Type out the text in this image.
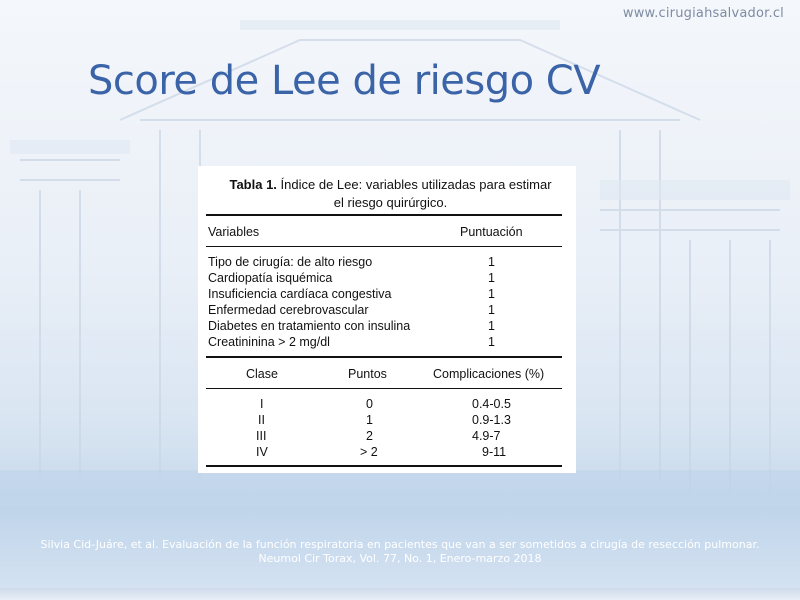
www.cirugiahsalvador.cl
Score de Lee de riesgo CV
Tabla 1. Índice de Lee: variables utilizadas para estimar
el riesgo quirúrgico.
Variables	Puntuación
Tipo de cirugía: de alto riesgo	1
Cardiopatía isquémica	1
Insuficiencia cardíaca congestiva	1
Enfermedad cerebrovascular	1
Diabetes en tratamiento con insulina	1
Creatininina > 2 mg/dl	1
Clase	Puntos	Complicaciones (%)
I	0	0.4-0.5
II	1	0.9-1.3
III	2	4.9-7
IV	> 2	9-11
Silvia Cid-Juáre, et al. Evaluación de la función respiratoria en pacientes que van a ser sometidos a cirugía de resección pulmonar.
Neumol Cir Torax, Vol. 77, No. 1, Enero-marzo 2018
